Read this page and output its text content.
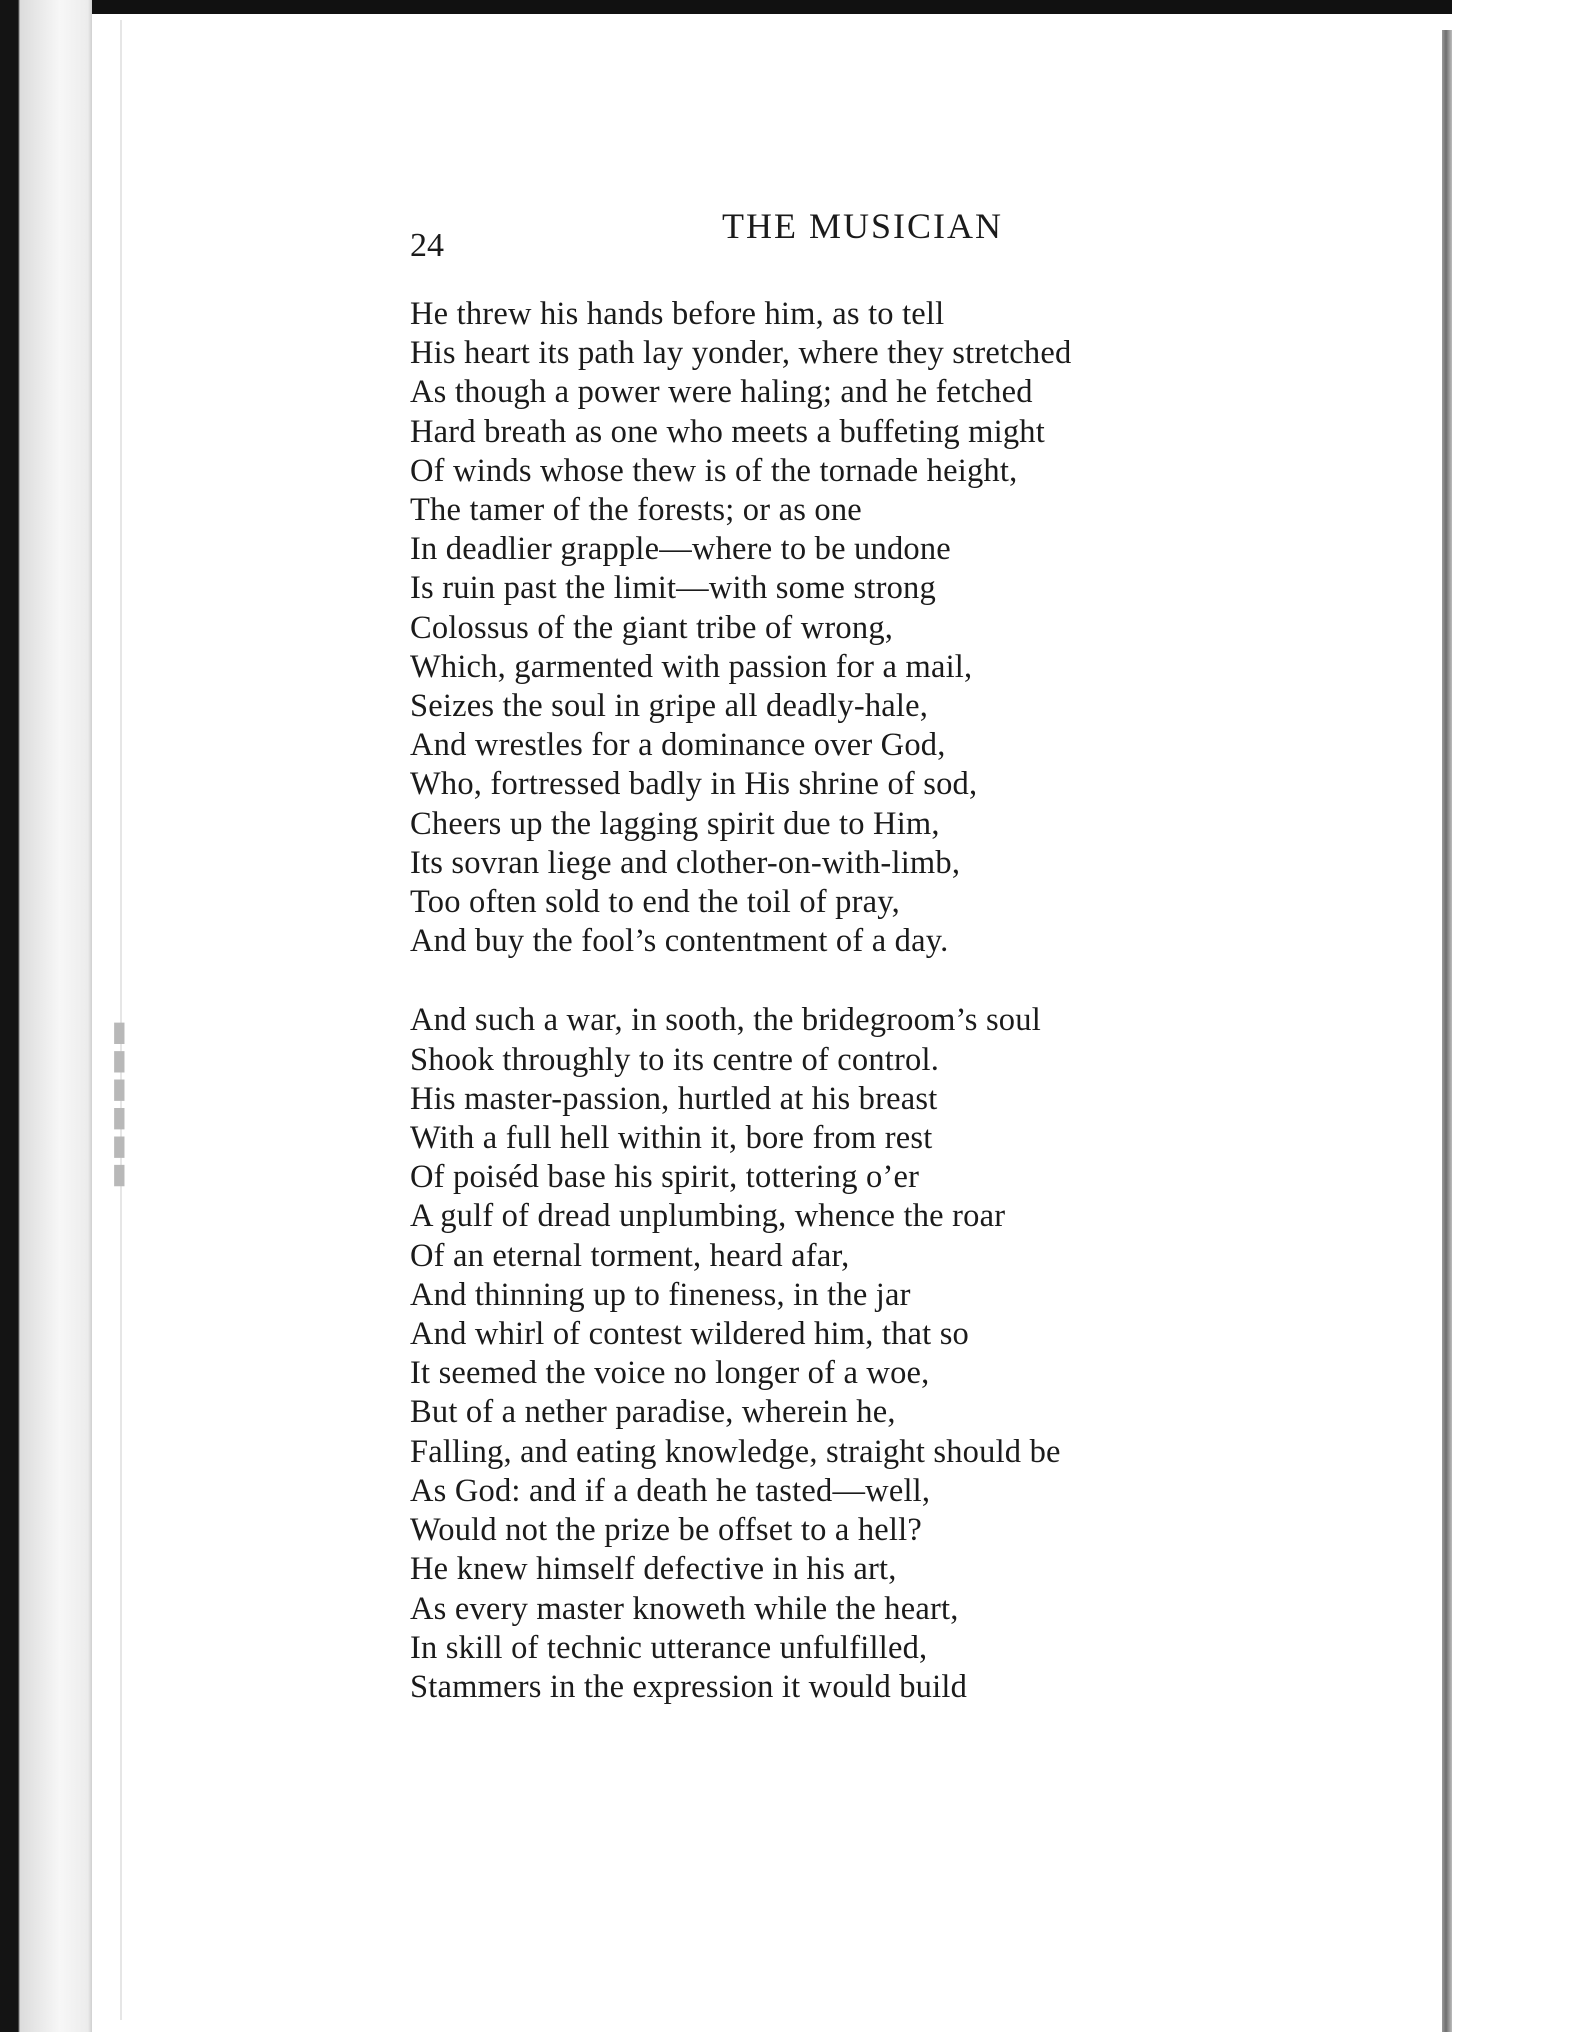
▬▬▬▬▬▬
24	THE MUSICIAN

He threw his hands before him, as to tell
His heart its path lay yonder, where they stretched
As though a power were haling; and he fetched
Hard breath as one who meets a buffeting might
Of winds whose thew is of the tornade height,
The tamer of the forests; or as one
In deadlier grapple—where to be undone
Is ruin past the limit—with some strong
Colossus of the giant tribe of wrong,
Which, garmented with passion for a mail,
Seizes the soul in gripe all deadly-hale,
And wrestles for a dominance over God,
Who, fortressed badly in His shrine of sod,
Cheers up the lagging spirit due to Him,
Its sovran liege and clother-on-with-limb,
Too often sold to end the toil of pray,
And buy the fool’s contentment of a day.

And such a war, in sooth, the bridegroom’s soul
Shook throughly to its centre of control.
His master-passion, hurtled at his breast
With a full hell within it, bore from rest
Of poiséd base his spirit, tottering o’er
A gulf of dread unplumbing, whence the roar
Of an eternal torment, heard afar,
And thinning up to fineness, in the jar
And whirl of contest wildered him, that so
It seemed the voice no longer of a woe,
But of a nether paradise, wherein he,
Falling, and eating knowledge, straight should be
As God: and if a death he tasted—well,
Would not the prize be offset to a hell?
He knew himself defective in his art,
As every master knoweth while the heart,
In skill of technic utterance unfulfilled,
Stammers in the expression it would build
